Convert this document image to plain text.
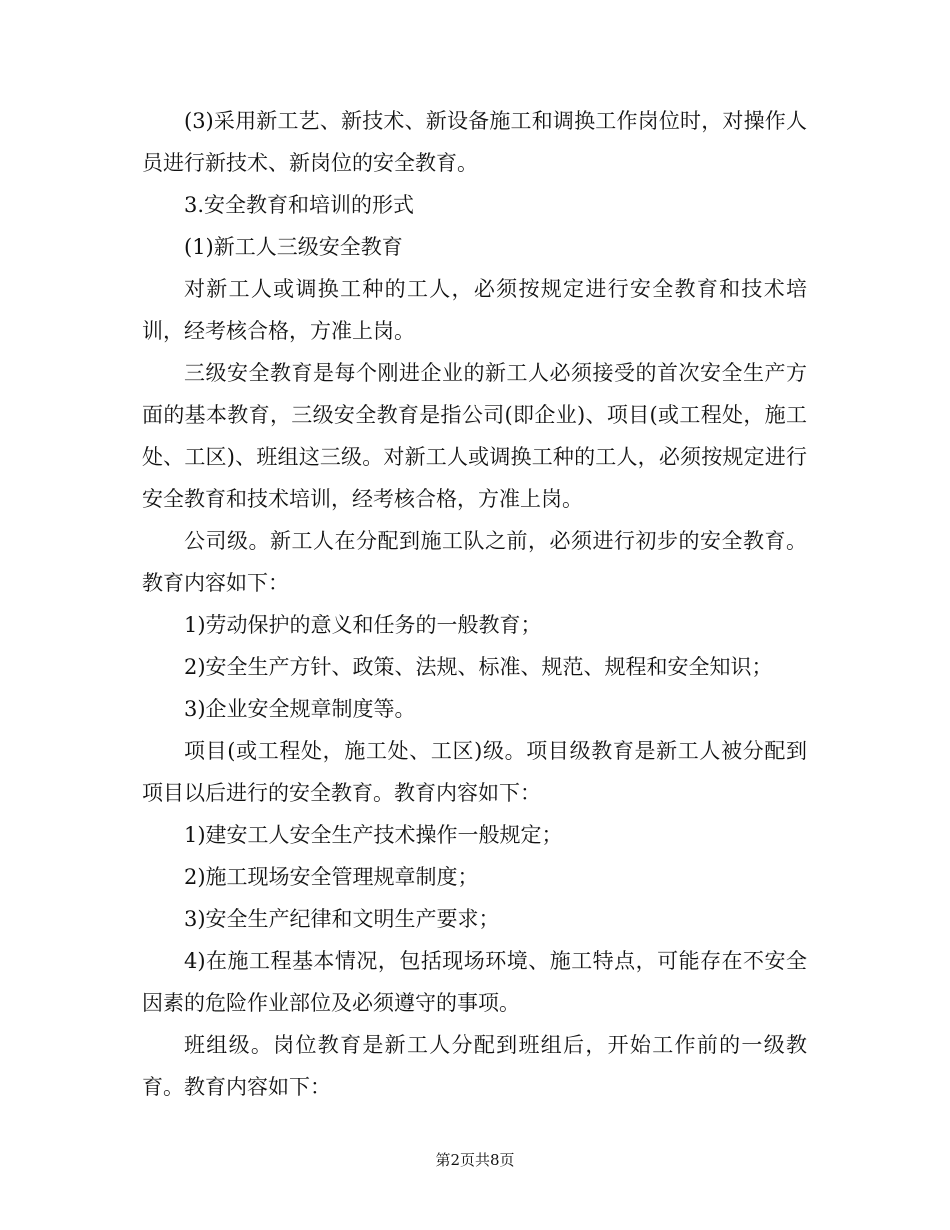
(3)采用新工艺、新技术、新设备施工和调换工作岗位时，对操作人员进行新技术、新岗位的安全教育。

3.安全教育和培训的形式

(1)新工人三级安全教育

对新工人或调换工种的工人，必须按规定进行安全教育和技术培训，经考核合格，方准上岗。

三级安全教育是每个刚进企业的新工人必须接受的首次安全生产方面的基本教育，三级安全教育是指公司(即企业)、项目(或工程处，施工处、工区)、班组这三级。对新工人或调换工种的工人，必须按规定进行安全教育和技术培训，经考核合格，方准上岗。

公司级。新工人在分配到施工队之前，必须进行初步的安全教育。教育内容如下：

1)劳动保护的意义和任务的一般教育；

2)安全生产方针、政策、法规、标准、规范、规程和安全知识；

3)企业安全规章制度等。

项目(或工程处，施工处、工区)级。项目级教育是新工人被分配到项目以后进行的安全教育。教育内容如下：

1)建安工人安全生产技术操作一般规定；

2)施工现场安全管理规章制度；

3)安全生产纪律和文明生产要求；

4)在施工程基本情况，包括现场环境、施工特点，可能存在不安全因素的危险作业部位及必须遵守的事项。

班组级。岗位教育是新工人分配到班组后，开始工作前的一级教育。教育内容如下：

第2页共8页
